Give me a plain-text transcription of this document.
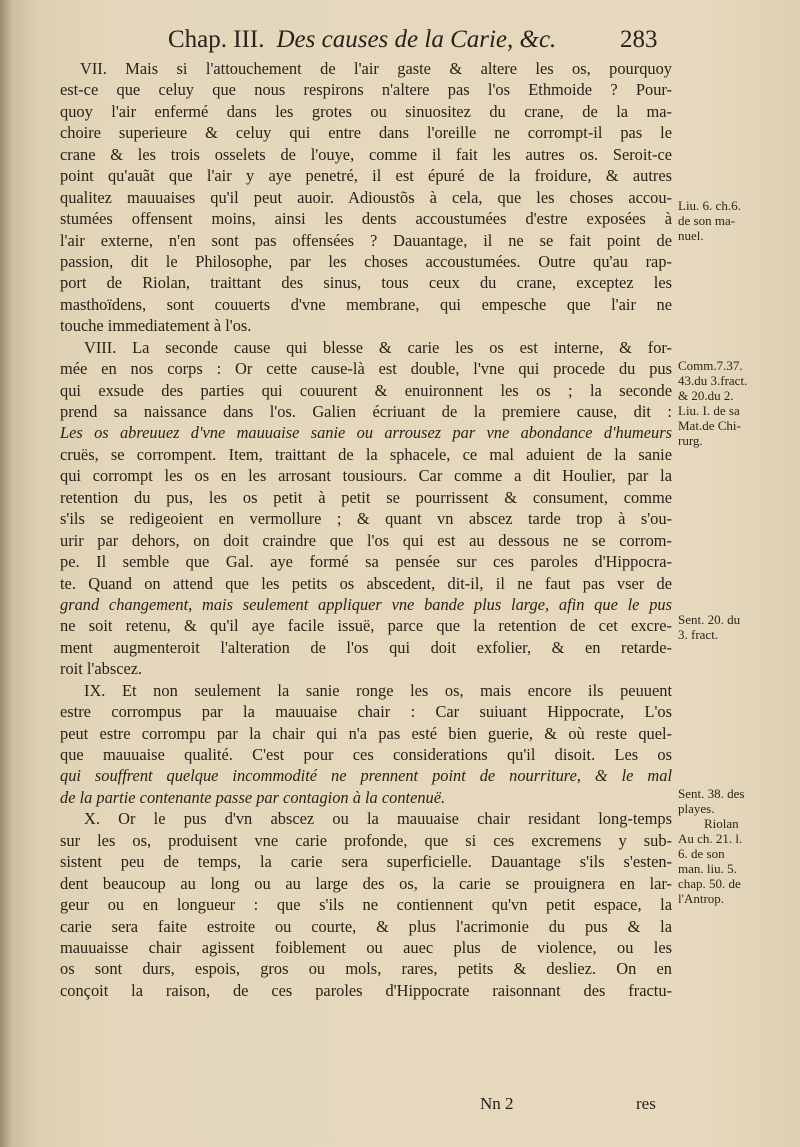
Chap. III. Des causes de la Carie, &c.	283
VII. Mais si l'attouchement de l'air gaste & altere les os, pourquoy
est-ce que celuy que nous respirons n'altere pas l'os Ethmoide ? Pour-
quoy l'air enfermé dans les grotes ou sinuositez du crane, de la ma-
choire superieure & celuy qui entre dans l'oreille ne corrompt-il pas le
crane & les trois osselets de l'ouye, comme il fait les autres os. Seroit-ce
point qu'auãt que l'air y aye penetré, il est épuré de la froidure, & autres
qualitez mauuaises qu'il peut auoir. Adioustõs à cela, que les choses accou-
stumées offensent moins, ainsi les dents accoustumées d'estre exposées à
l'air externe, n'en sont pas offensées ? Dauantage, il ne se fait point de
passion, dit le Philosophe, par les choses accoustumées. Outre qu'au rap-
port de Riolan, traittant des sinus, tous ceux du crane, exceptez les
masthoïdens, sont couuerts d'vne membrane, qui empesche que l'air ne
touche immediatement à l'os.
VIII. La seconde cause qui blesse & carie les os est interne, & for-
mée en nos corps : Or cette cause-là est double, l'vne qui procede du pus
qui exsude des parties qui couurent & enuironnent les os ; la seconde
prend sa naissance dans l'os. Galien écriuant de la premiere cause, dit :
Les os abreuuez d'vne mauuaise sanie ou arrousez par vne abondance d'humeurs
cruës, se corrompent. Item, traittant de la sphacele, ce mal aduient de la sanie
qui corrompt les os en les arrosant tousiours. Car comme a dit Houlier, par la
retention du pus, les os petit à petit se pourrissent & consument, comme
s'ils se redigeoient en vermollure ; & quant vn abscez tarde trop à s'ou-
urir par dehors, on doit craindre que l'os qui est au dessous ne se corrom-
pe. Il semble que Gal. aye formé sa pensée sur ces paroles d'Hippocra-
te. Quand on attend que les petits os abscedent, dit-il, il ne faut pas vser de
grand changement, mais seulement appliquer vne bande plus large, afin que le pus
ne soit retenu, & qu'il aye facile issuë, parce que la retention de cet excre-
ment augmenteroit l'alteration de l'os qui doit exfolier, & en retarde-
roit l'abscez.
IX. Et non seulement la sanie ronge les os, mais encore ils peuuent
estre corrompus par la mauuaise chair : Car suiuant Hippocrate, L'os
peut estre corrompu par la chair qui n'a pas esté bien guerie, & où reste quel-
que mauuaise qualité. C'est pour ces considerations qu'il disoit. Les os
qui souffrent quelque incommodité ne prennent point de nourriture, & le mal
de la partie contenante passe par contagion à la contenuë.
X. Or le pus d'vn abscez ou la mauuaise chair residant long-temps
sur les os, produisent vne carie profonde, que si ces excremens y sub-
sistent peu de temps, la carie sera superficielle. Dauantage s'ils s'esten-
dent beaucoup au long ou au large des os, la carie se prouignera en lar-
geur ou en longueur : que s'ils ne contiennent qu'vn petit espace, la
carie sera faite estroite ou courte, & plus l'acrimonie du pus & la
mauuaisse chair agissent foiblement ou auec plus de violence, ou les
os sont durs, espois, gros ou mols, rares, petits & desliez. On en
conçoit la raison, de ces paroles d'Hippocrate raisonnant des fractu-
Liu. 6. ch.6.
de son ma-
nuel.
Comm.7.37.
43.du 3.fract.
& 20.du 2.
Liu. I. de sa
Mat.de Chi-
rurg.
Sent. 20. du
3. fract.
Sent. 38. des
playes.
Riolan
Au ch. 21. l.
6. de son
man. liu. 5.
chap. 50. de
l'Antrop.
Nn 2	res
